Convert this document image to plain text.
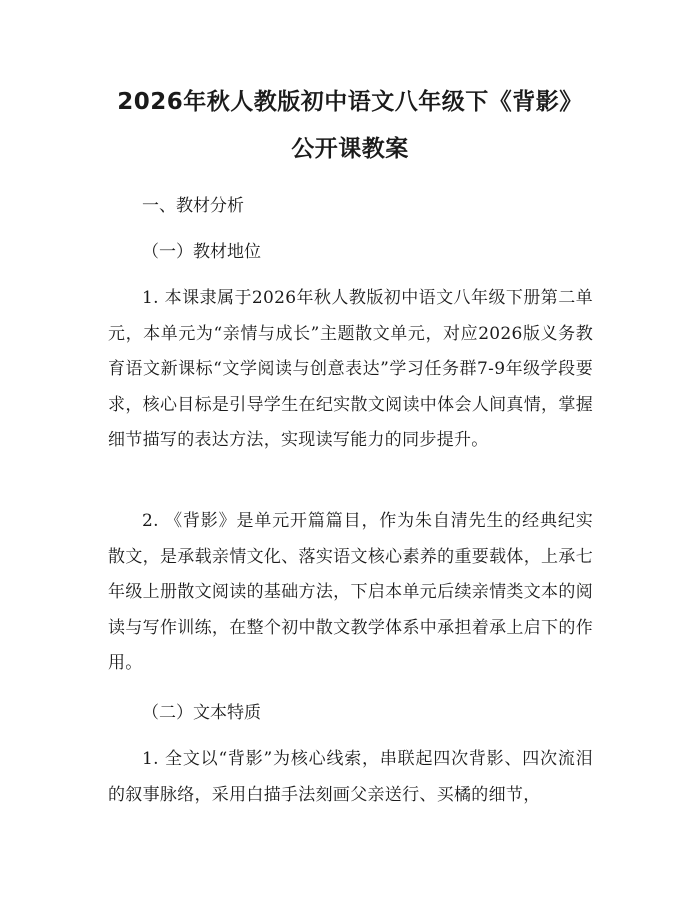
2026年秋人教版初中语文八年级下《背影》
公开课教案

一、教材分析

（一）教材地位

1. 本课隶属于2026年秋人教版初中语文八年级下册第二单元，本单元为“亲情与成长”主题散文单元，对应2026版义务教育语文新课标“文学阅读与创意表达”学习任务群7-9年级学段要求，核心目标是引导学生在纪实散文阅读中体会人间真情，掌握细节描写的表达方法，实现读写能力的同步提升。

2. 《背影》是单元开篇篇目，作为朱自清先生的经典纪实散文，是承载亲情文化、落实语文核心素养的重要载体，上承七年级上册散文阅读的基础方法，下启本单元后续亲情类文本的阅读与写作训练，在整个初中散文教学体系中承担着承上启下的作用。

（二）文本特质

1. 全文以“背影”为核心线索，串联起四次背影、四次流泪的叙事脉络，采用白描手法刻画父亲送行、买橘的细节，
